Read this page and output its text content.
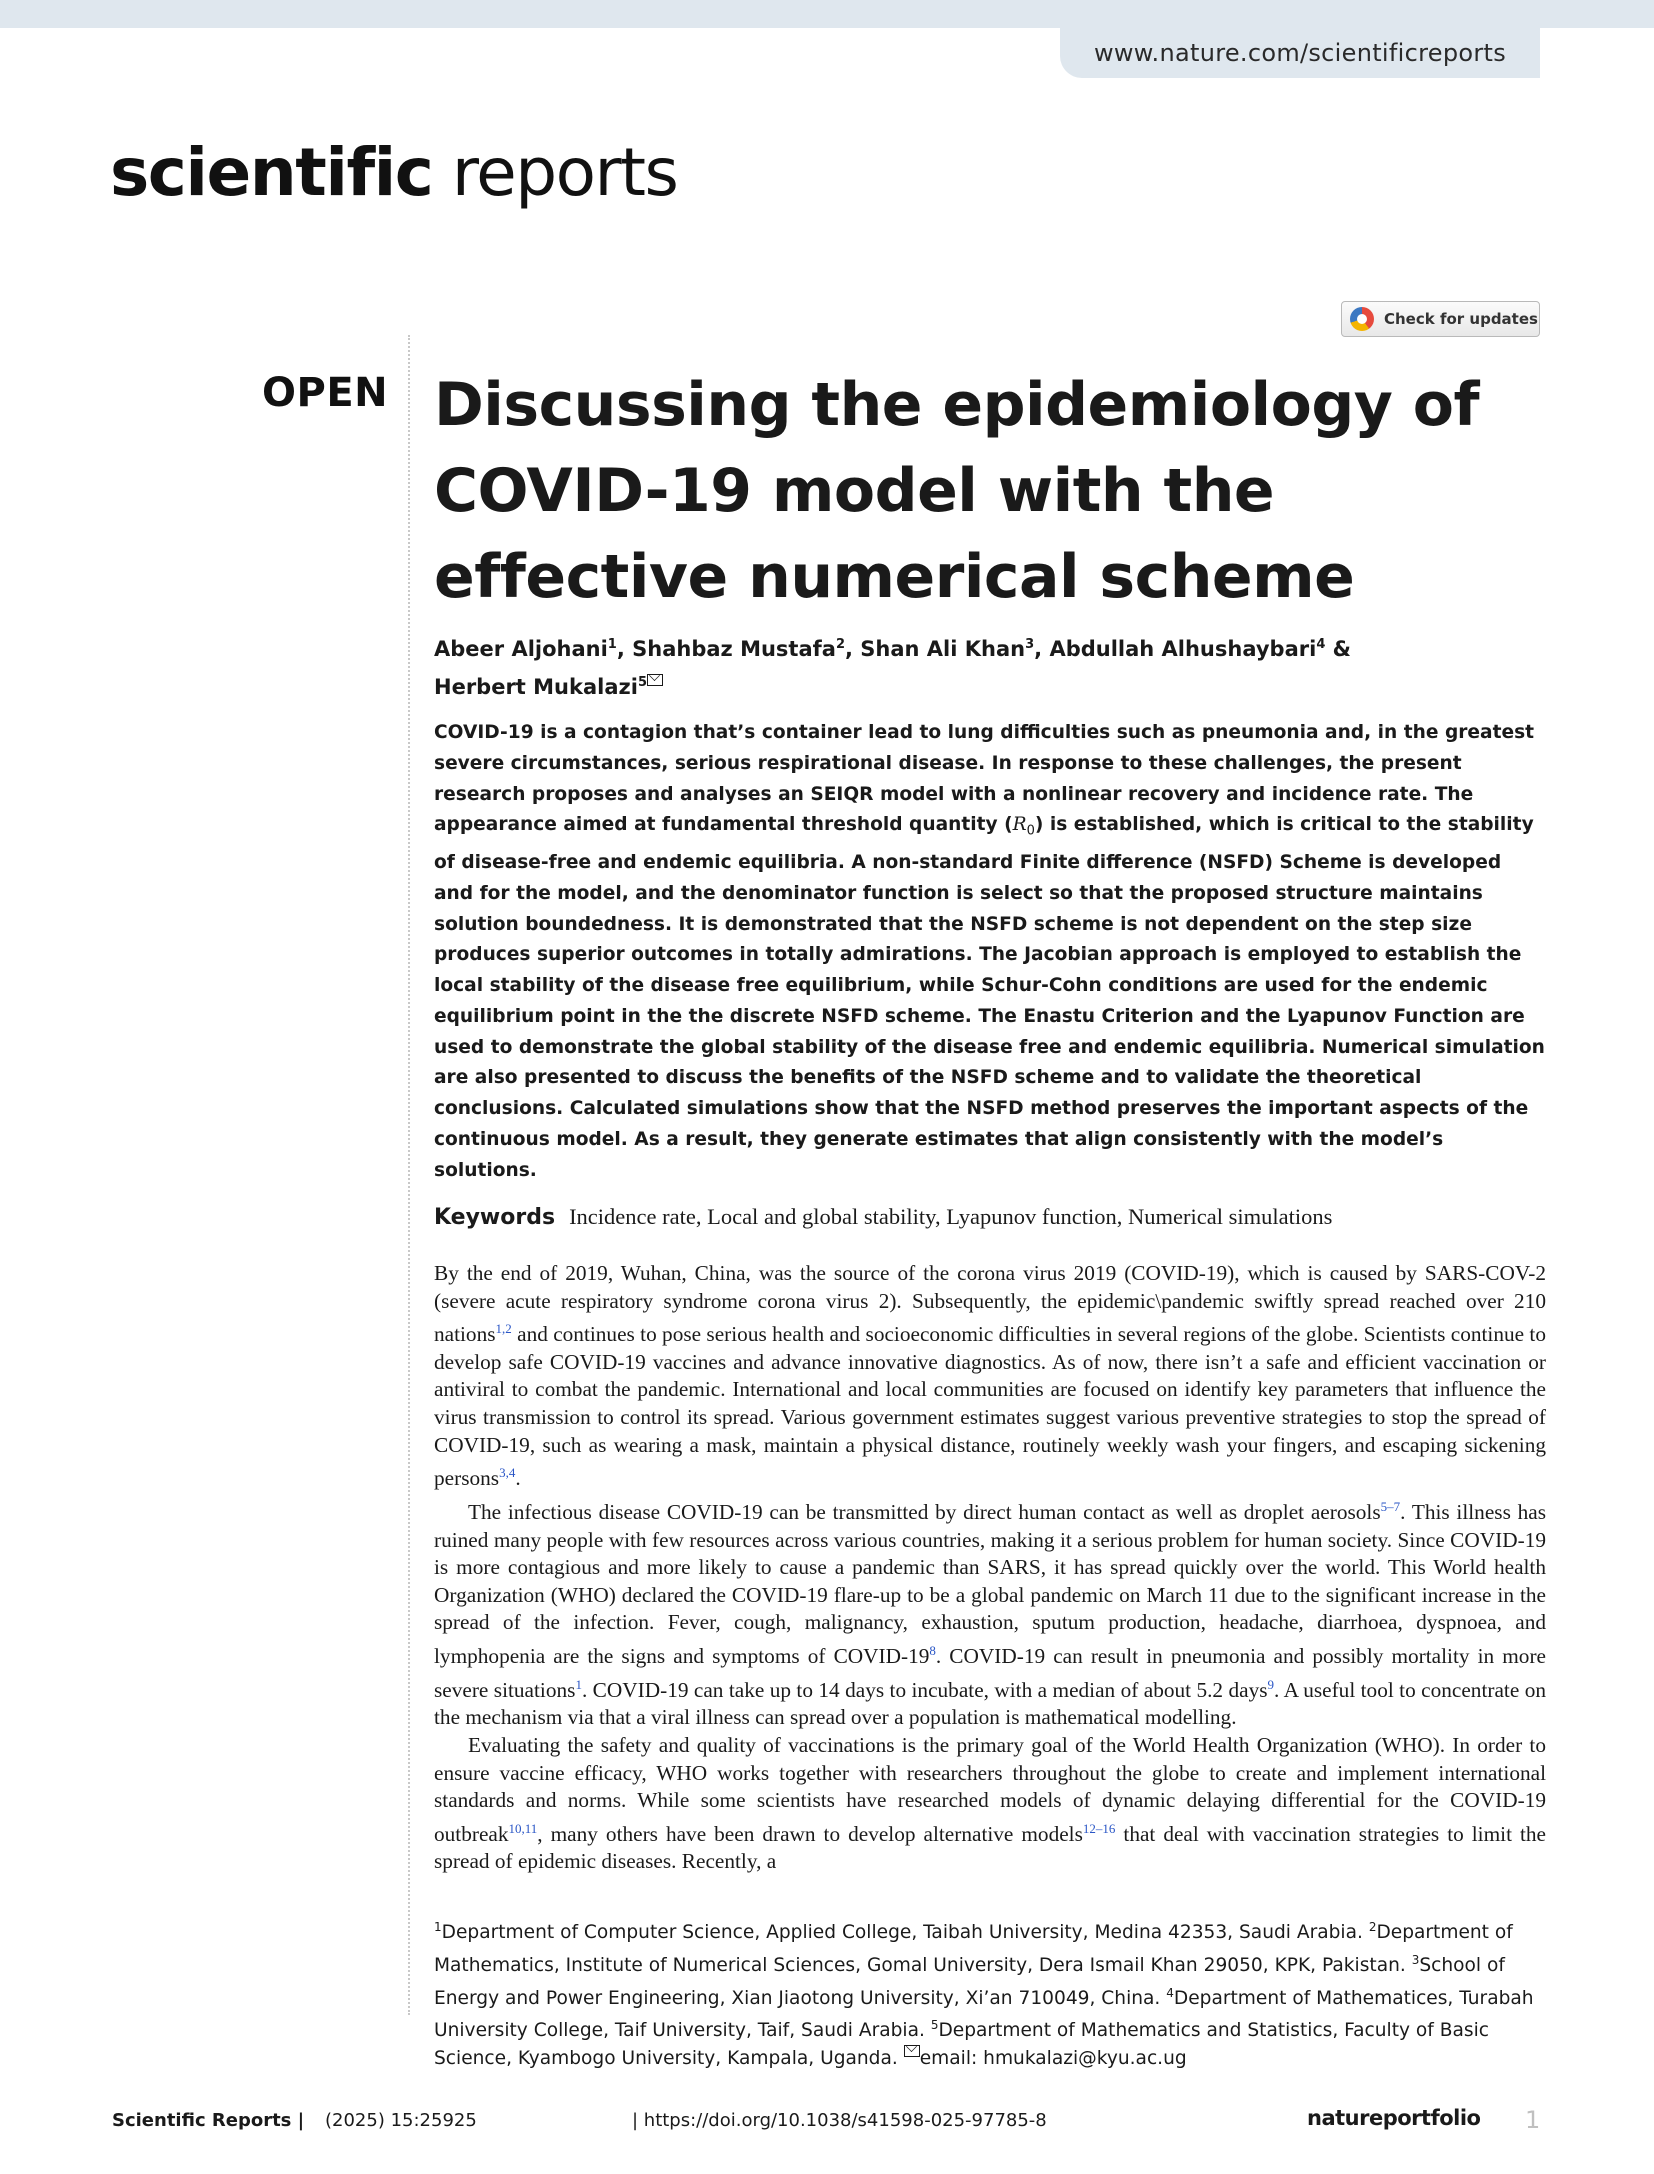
www.nature.com/scientificreports
scientific reports
Check for updates
OPEN Discussing the epidemiology of COVID-19 model with the effective numerical scheme
Abeer Aljohani$^1$, Shahbaz Mustafa$^2$, Shan Ali Khan$^3$, Abdullah Alhushaybari$^4$ &
Herbert Mukalazi$^5$

COVID-19 is a contagion that’s container lead to lung difficulties such as pneumonia and, in the greatest severe circumstances, serious respirational disease. In response to these challenges, the present research proposes and analyses an SEIQR model with a nonlinear recovery and incidence rate. The appearance aimed at fundamental threshold quantity $(R_0)$ is established, which is critical to the stability of disease-free and endemic equilibria. A non-standard Finite difference (NSFD) Scheme is developed and for the model, and the denominator function is select so that the proposed structure maintains solution boundedness. It is demonstrated that the NSFD scheme is not dependent on the step size produces superior outcomes in totally admirations. The Jacobian approach is employed to establish the local stability of the disease free equilibrium, while Schur-Cohn conditions are used for the endemic equilibrium point in the the discrete NSFD scheme. The Enastu Criterion and the Lyapunov Function are used to demonstrate the global stability of the disease free and endemic equilibria. Numerical simulation are also presented to discuss the benefits of the NSFD scheme and to validate the theoretical conclusions. Calculated simulations show that the NSFD method preserves the important aspects of the continuous model. As a result, they generate estimates that align consistently with the model’s solutions.

Keywords Incidence rate, Local and global stability, Lyapunov function, Numerical simulations

By the end of 2019, Wuhan, China, was the source of the corona virus 2019 (COVID-19), which is caused by SARS-COV-2 (severe acute respiratory syndrome corona virus 2). Subsequently, the epidemic\pandemic swiftly spread reached over 210 nations$^{1,2}$ and continues to pose serious health and socioeconomic difficulties in several regions of the globe. Scientists continue to develop safe COVID-19 vaccines and advance innovative diagnostics. As of now, there isn’t a safe and efficient vaccination or antiviral to combat the pandemic. International and local communities are focused on identify key parameters that influence the virus transmission to control its spread. Various government estimates suggest various preventive strategies to stop the spread of COVID-19, such as wearing a mask, maintain a physical distance, routinely weekly wash your fingers, and escaping sickening persons$^{3,4}$.

The infectious disease COVID-19 can be transmitted by direct human contact as well as droplet aerosols$^{5-7}$. This illness has ruined many people with few resources across various countries, making it a serious problem for human society. Since COVID-19 is more contagious and more likely to cause a pandemic than SARS, it has spread quickly over the world. This World health Organization (WHO) declared the COVID-19 flare-up to be a global pandemic on March 11 due to the significant increase in the spread of the infection. Fever, cough, malignancy, exhaustion, sputum production, headache, diarrhoea, dyspnoea, and lymphopenia are the signs and symptoms of COVID-$19^8$. COVID-19 can result in pneumonia and possibly mortality in more severe situations$^1$. COVID-19 can take up to 14 days to incubate, with a median of about 5.2 days$^9$. A useful tool to concentrate on the mechanism via that a viral illness can spread over a population is mathematical modelling.

Evaluating the safety and quality of vaccinations is the primary goal of the World Health Organization (WHO). In order to ensure vaccine efficacy, WHO works together with researchers throughout the globe to create and implement international standards and norms. While some scientists have researched models of dynamic delaying differential for the COVID-19 outbreak$^{10,11}$, many others have been drawn to develop alternative models$^{12-16}$ that deal with vaccination strategies to limit the spread of epidemic diseases. Recently, a

$^1$Department of Computer Science, Applied College, Taibah University, Medina 42353, Saudi Arabia. $^2$Department of Mathematics, Institute of Numerical Sciences, Gomal University, Dera Ismail Khan 29050, KPK, Pakistan. $^3$School of Energy and Power Engineering, Xian Jiaotong University, Xi’an 710049, China. $^4$Department of Mathematices, Turabah University College, Taif University, Taif, Saudi Arabia. $^5$Department of Mathematics and Statistics, Faculty of Basic Science, Kyambogo University, Kampala, Uganda. email: hmukalazi@kyu.ac.ug
Scientific Reports | (2025) 15:25925	| https://doi.org/10.1038/s41598-025-97785-8	natureportfolio 1
